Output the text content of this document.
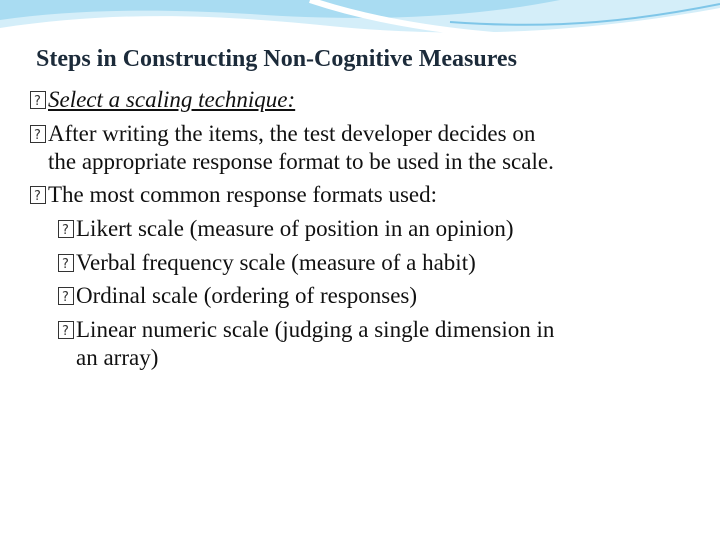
Steps in Constructing Non-Cognitive Measures
?Select a scaling technique:
?After writing the items, the test developer decides on
the appropriate response format to be used in the scale.
?The most common response formats used:
?Likert scale (measure of position in an opinion)
?Verbal frequency scale (measure of a habit)
?Ordinal scale (ordering of responses)
?Linear numeric scale (judging a single dimension in
an array)
